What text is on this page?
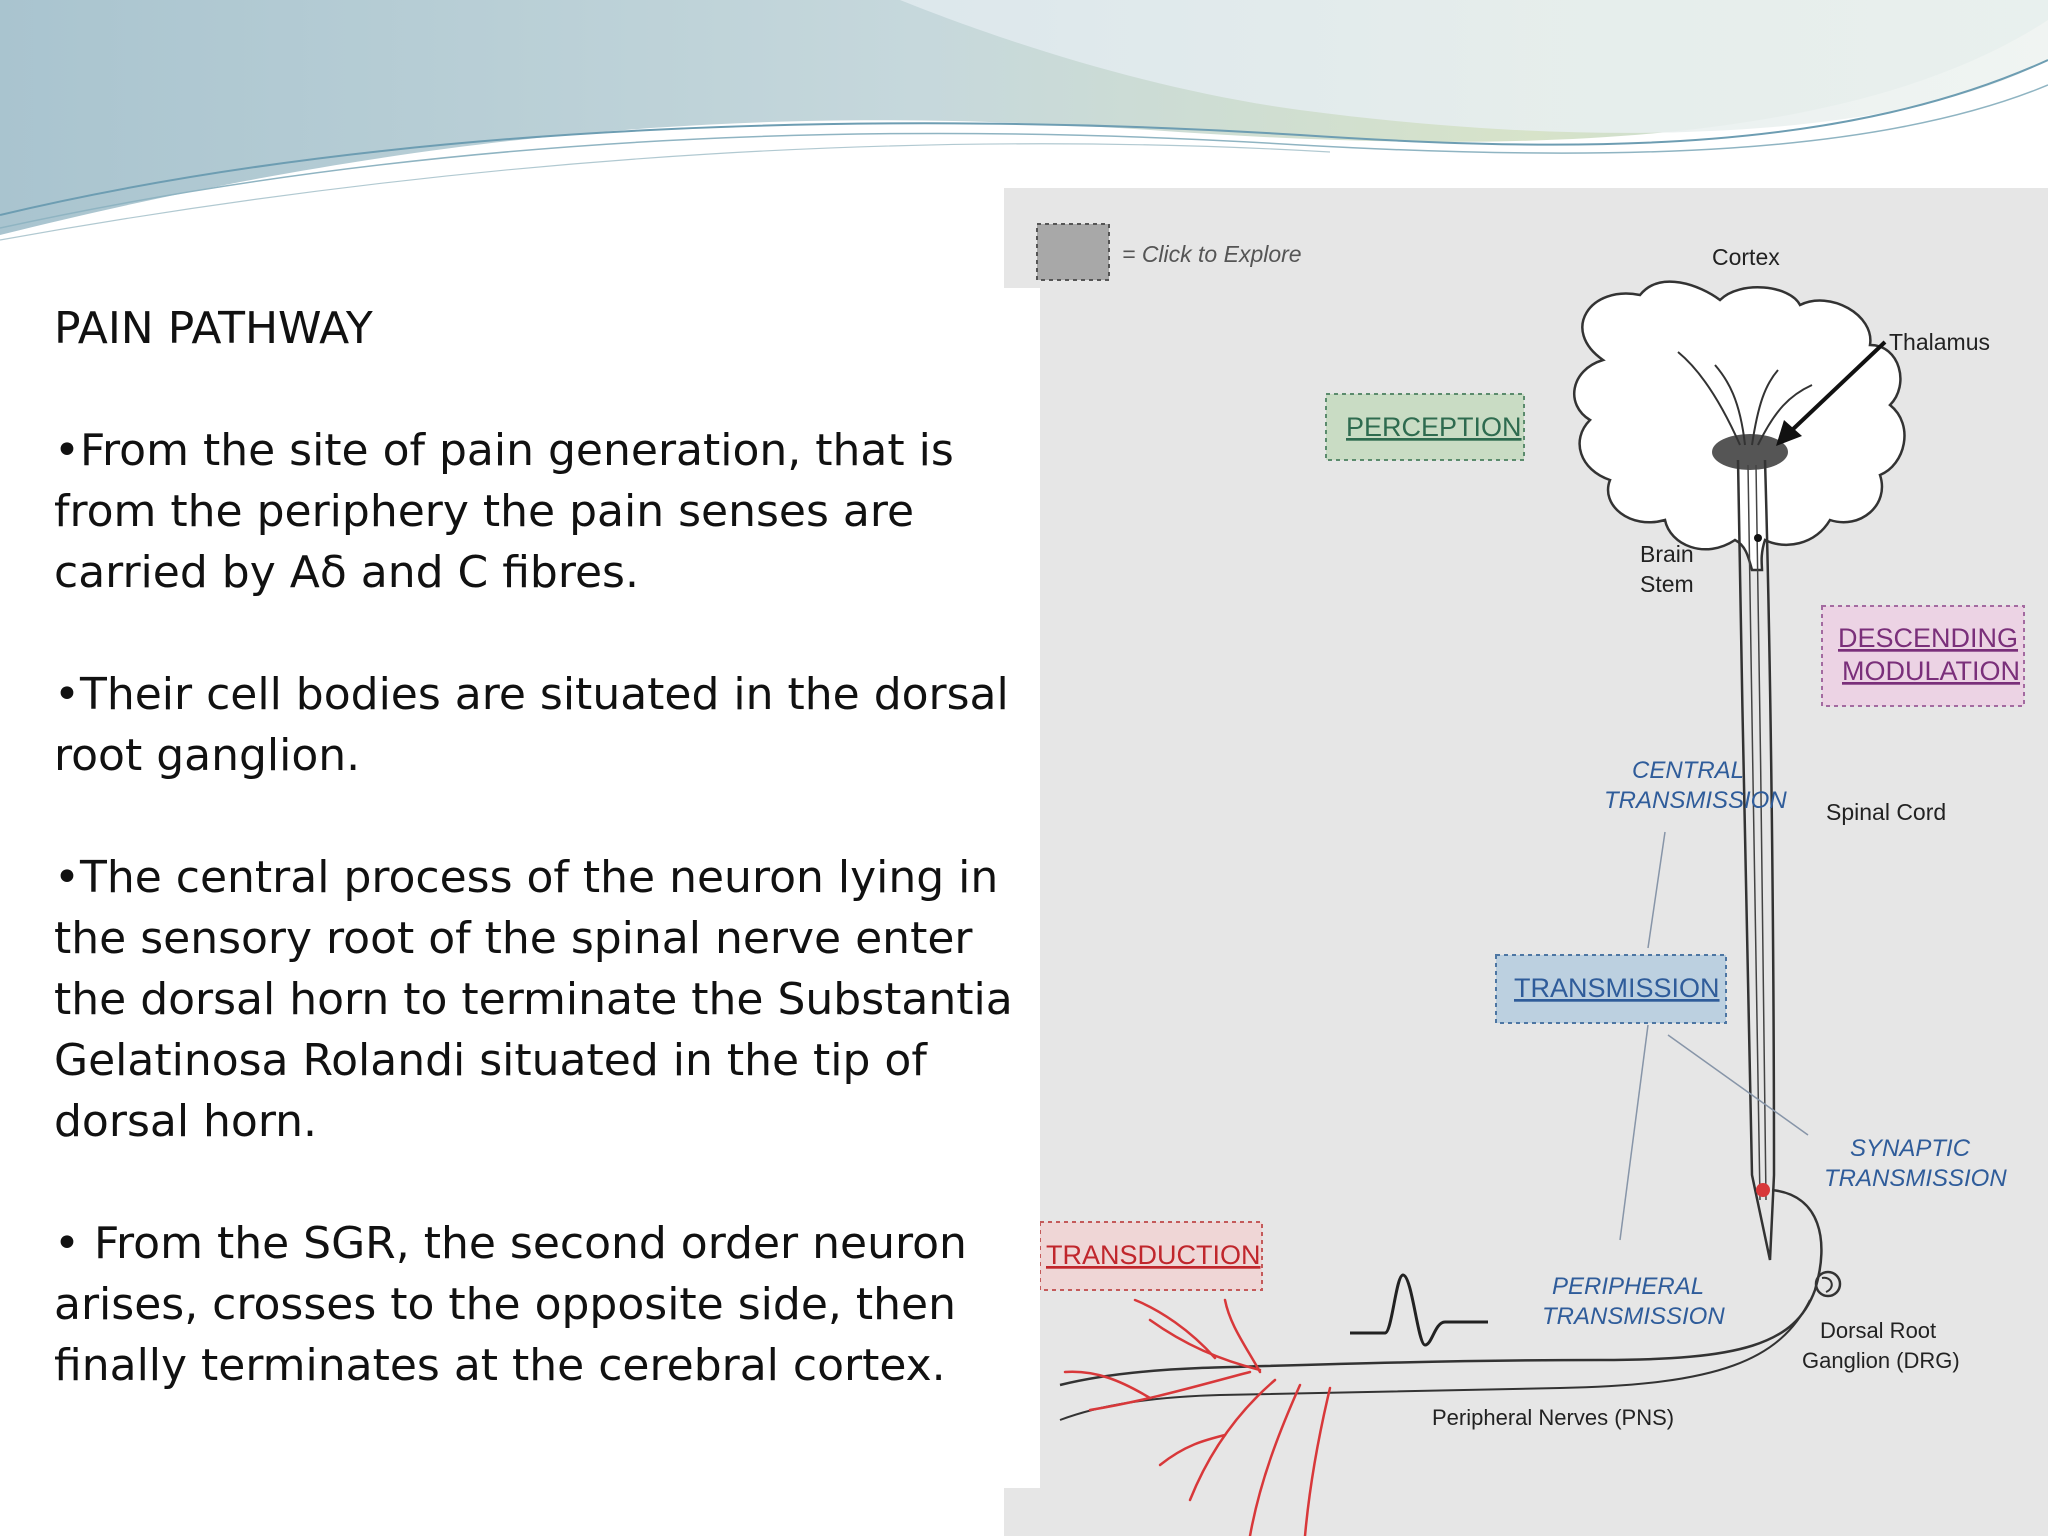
= Click to Explore	Cortex
Thalamus
Brain
Stem
Spinal Cord
Dorsal Root
Ganglion (DRG)
Peripheral Nerves (PNS)
CENTRAL
TRANSMISSION
SYNAPTIC
TRANSMISSION
PERIPHERAL
TRANSMISSION
PERCEPTION
DESCENDING
MODULATION
TRANSMISSION
TRANSDUCTION

PAIN PATHWAY

•From the site of pain generation, that is from the periphery the pain senses are carried by Aδ and C fibres.

•Their cell bodies are situated in the dorsal root ganglion.

•The central process of the neuron lying in the sensory root of the spinal nerve enter the dorsal horn to terminate the Substantia Gelatinosa Rolandi situated in the tip of dorsal horn.

• From the SGR, the second order neuron arises, crosses to the opposite side, then finally terminates at the cerebral cortex.
